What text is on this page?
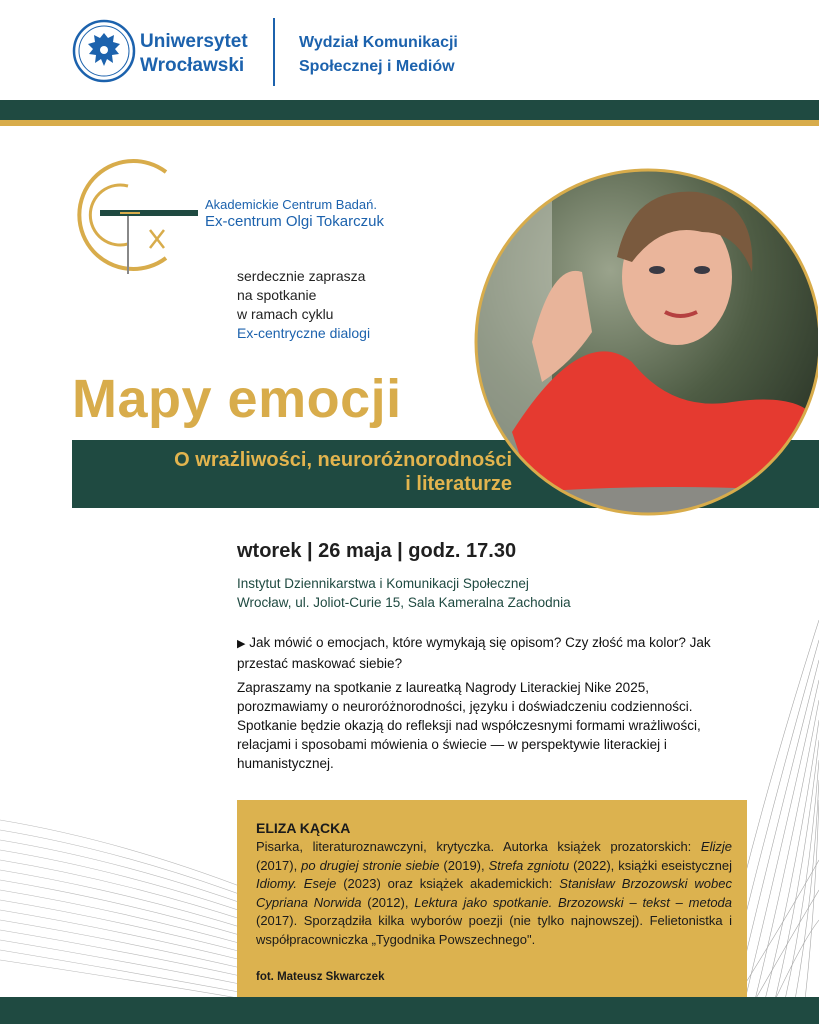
Uniwersytet
Wrocławski
Wydział Komunikacji
Społecznej i Mediów
Akademickie Centrum Badań.
Ex-centrum Olgi Tokarczuk
serdecznie zaprasza
na spotkanie
w ramach cyklu
Ex-centryczne dialogi
Mapy emocji
O wrażliwości, neuroróżnorodności
i literaturze
wtorek | 26 maja | godz. 17.30
Instytut Dziennikarstwa i Komunikacji Społecznej
Wrocław, ul. Joliot-Curie 15, Sala Kameralna Zachodnia
▶ Jak mówić o emocjach, które wymykają się opisom? Czy złość ma kolor? Jak przestać maskować siebie?
Zapraszamy na spotkanie z laureatką Nagrody Literackiej Nike 2025, porozmawiamy o neuroróżnorodności, języku i doświadczeniu codzienności. Spotkanie będzie okazją do refleksji nad współczesnymi formami wrażliwości, relacjami i sposobami mówienia o świecie — w perspektywie literackiej i humanistycznej.
ELIZA KĄCKA
Pisarka, literaturoznawczyni, krytyczka. Autorka książek prozatorskich: Elizje (2017), po drugiej stronie siebie (2019), Strefa zgniotu (2022), książki eseistycznej Idiomy. Eseje (2023) oraz książek akademickich: Stanisław Brzozowski wobec Cypriana Norwida (2012), Lektura jako spotkanie. Brzozowski – tekst – metoda (2017). Sporządziła kilka wyborów poezji (nie tylko najnowszej). Felietonistka i współpracowniczka „Tygodnika Powszechnego".
fot. Mateusz Skwarczek
